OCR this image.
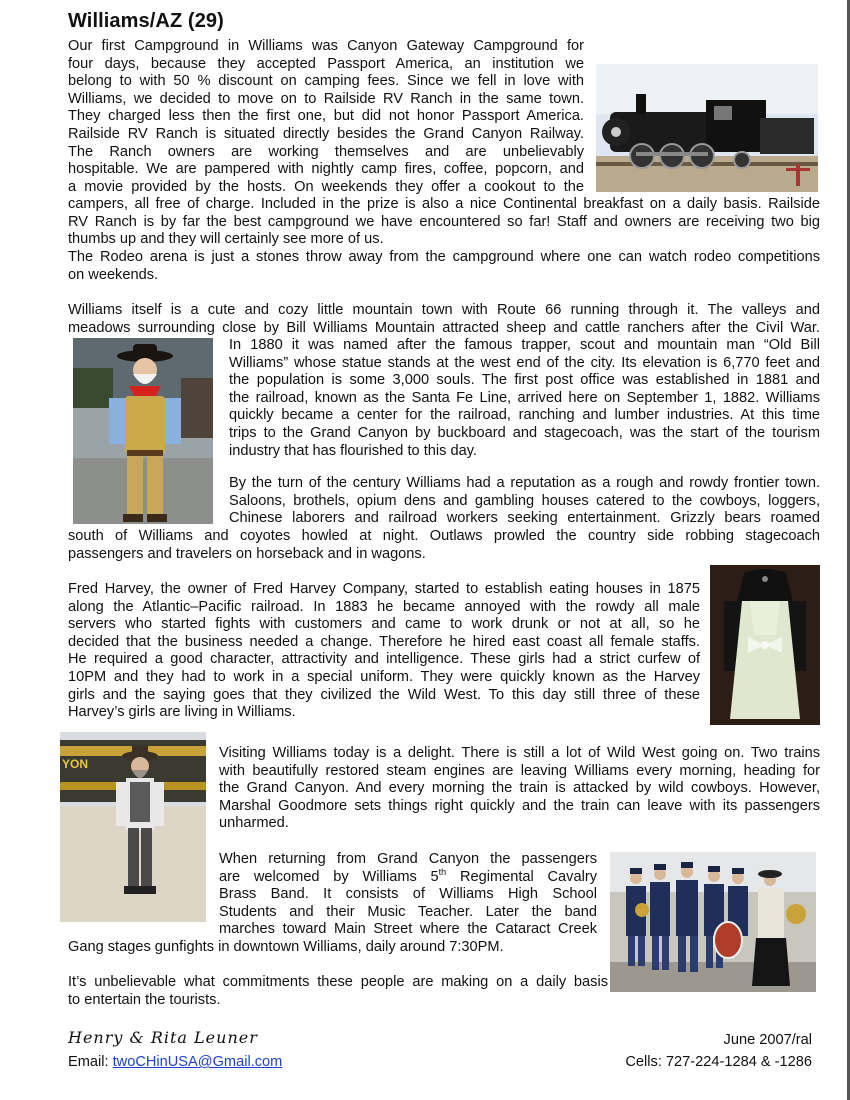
Williams/AZ (29)
Our first Campground in Williams was Canyon Gateway Campground for
four days, because they accepted Passport America, an institution we
belong to with 50 % discount on camping fees. Since we fell in love with
Williams, we decided to move on to Railside RV Ranch in the same town.
They charged less then the first one, but did not honor Passport America.
Railside RV Ranch is situated directly besides the Grand Canyon Railway.
The Ranch owners are working themselves and are unbelievably
hospitable. We are pampered with nightly camp fires, coffee, popcorn, and
a movie provided by the hosts. On weekends they offer a cookout to the
campers, all free of charge. Included in the prize is also a nice Continental breakfast on a daily basis. Railside
RV Ranch is by far the best campground we have encountered so far! Staff and owners are receiving two big
thumbs up and they will certainly see more of us.
The Rodeo arena is just a stones throw away from the campground where one can watch rodeo competitions
on weekends.
Williams itself is a cute and cozy little mountain town with Route 66 running through it. The valleys and
meadows surrounding close by Bill Williams Mountain attracted sheep and cattle ranchers after the Civil War.
In 1880 it was named after the famous trapper, scout and mountain man “Old Bill
Williams” whose statue stands at the west end of the city. Its elevation is 6,770 feet and
the population is some 3,000 souls. The first post office was established in 1881 and
the railroad, known as the Santa Fe Line, arrived here on September 1, 1882. Williams
quickly became a center for the railroad, ranching and lumber industries. At this time
trips to the Grand Canyon by buckboard and stagecoach, was the start of the tourism
industry that has flourished to this day.
By the turn of the century Williams had a reputation as a rough and rowdy frontier town.
Saloons, brothels, opium dens and gambling houses catered to the cowboys, loggers,
Chinese laborers and railroad workers seeking entertainment. Grizzly bears roamed
south of Williams and coyotes howled at night. Outlaws prowled the country side robbing stagecoach
passengers and travelers on horseback and in wagons.
Fred Harvey, the owner of Fred Harvey Company, started to establish eating houses in 1875
along the Atlantic–Pacific railroad. In 1883 he became annoyed with the rowdy all male
servers who started fights with customers and came to work drunk or not at all, so he
decided that the business needed a change. Therefore he hired east coast all female staffs.
He required a good character, attractivity and intelligence. These girls had a strict curfew of
10PM and they had to work in a special uniform. They were quickly known as the Harvey
girls and the saying goes that they civilized the Wild West. To this day still three of these
Harvey’s girls are living in Williams.
YON
Visiting Williams today is a delight. There is still a lot of Wild West going on. Two trains
with beautifully restored steam engines are leaving Williams every morning, heading for
the Grand Canyon. And every morning the train is attacked by wild cowboys. However,
Marshal Goodmore sets things right quickly and the train can leave with its passengers
unharmed.
When returning from Grand Canyon the passengers
are welcomed by Williams 5th Regimental Cavalry
Brass Band. It consists of Williams High School
Students and their Music Teacher. Later the band
marches toward Main Street where the Cataract Creek
Gang stages gunfights in downtown Williams, daily around 7:30PM.
It’s unbelievable what commitments these people are making on a daily basis
to entertain the tourists.
Henry & Rita Leuner
Email: twoCHinUSA@Gmail.com
June 2007/ral
Cells: 727-224-1284 & -1286
